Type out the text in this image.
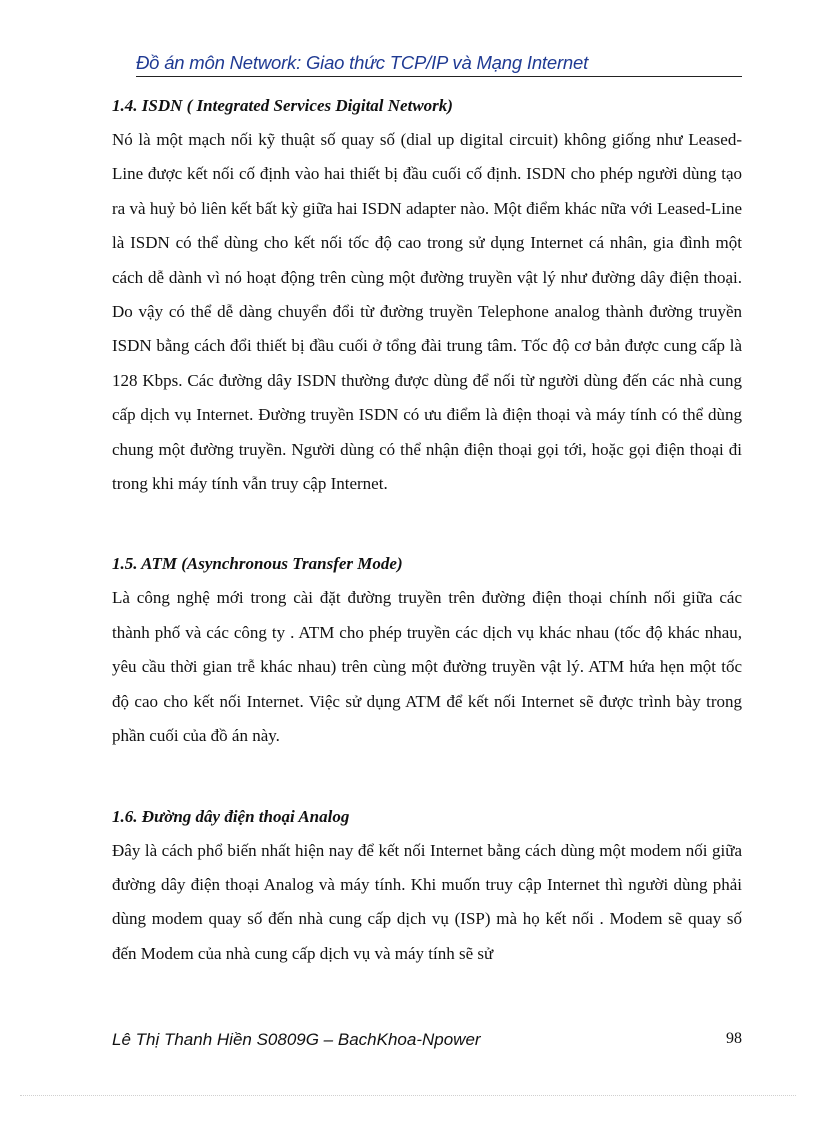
Đồ án môn Network: Giao thức TCP/IP và Mạng Internet
1.4. ISDN ( Integrated Services Digital Network)

Nó là một mạch nối kỹ thuật số quay số (dial up digital circuit) không giống như Leased-Line được kết nối cố định vào hai thiết bị đầu cuối cố định. ISDN cho phép người dùng tạo ra và huỷ bỏ liên kết bất kỳ giữa hai ISDN adapter nào. Một điểm khác nữa với Leased-Line là ISDN có thể dùng cho kết nối tốc độ cao trong sử dụng Internet cá nhân, gia đình một cách dễ dành vì nó hoạt động trên cùng một đường truyền vật lý như đường dây điện thoại. Do vậy có thể dễ dàng chuyển đổi từ đường truyền Telephone analog thành đường truyền ISDN bằng cách đổi thiết bị đầu cuối ở tổng đài trung tâm. Tốc độ cơ bản được cung cấp là 128 Kbps. Các đường dây ISDN thường được dùng để nối từ người dùng đến các nhà cung cấp dịch vụ Internet. Đường truyền ISDN có ưu điểm là điện thoại và máy tính có thể dùng chung một đường truyền. Người dùng có thể nhận điện thoại gọi tới, hoặc gọi điện thoại đi trong khi máy tính vẫn truy cập Internet.

1.5. ATM (Asynchronous Transfer Mode)

Là công nghệ mới trong cài đặt đường truyền trên đường điện thoại chính nối giữa các thành phố và các công ty . ATM cho phép truyền các dịch vụ khác nhau (tốc độ khác nhau, yêu cầu thời gian trễ khác nhau) trên cùng một đường truyền vật lý. ATM hứa hẹn một tốc độ cao cho kết nối Internet. Việc sử dụng ATM để kết nối Internet sẽ được trình bày trong phần cuối của đồ án này.

1.6. Đường dây điện thoại Analog

Đây là cách phổ biến nhất hiện nay để kết nối Internet bằng cách dùng một modem nối giữa đường dây điện thoại Analog và máy tính. Khi muốn truy cập Internet thì người dùng phải dùng modem quay số đến nhà cung cấp dịch vụ (ISP) mà họ kết nối . Modem sẽ quay số đến Modem của nhà cung cấp dịch vụ và máy tính sẽ sử

Lê Thị Thanh Hiền S0809G – BachKhoa-Npower	98
